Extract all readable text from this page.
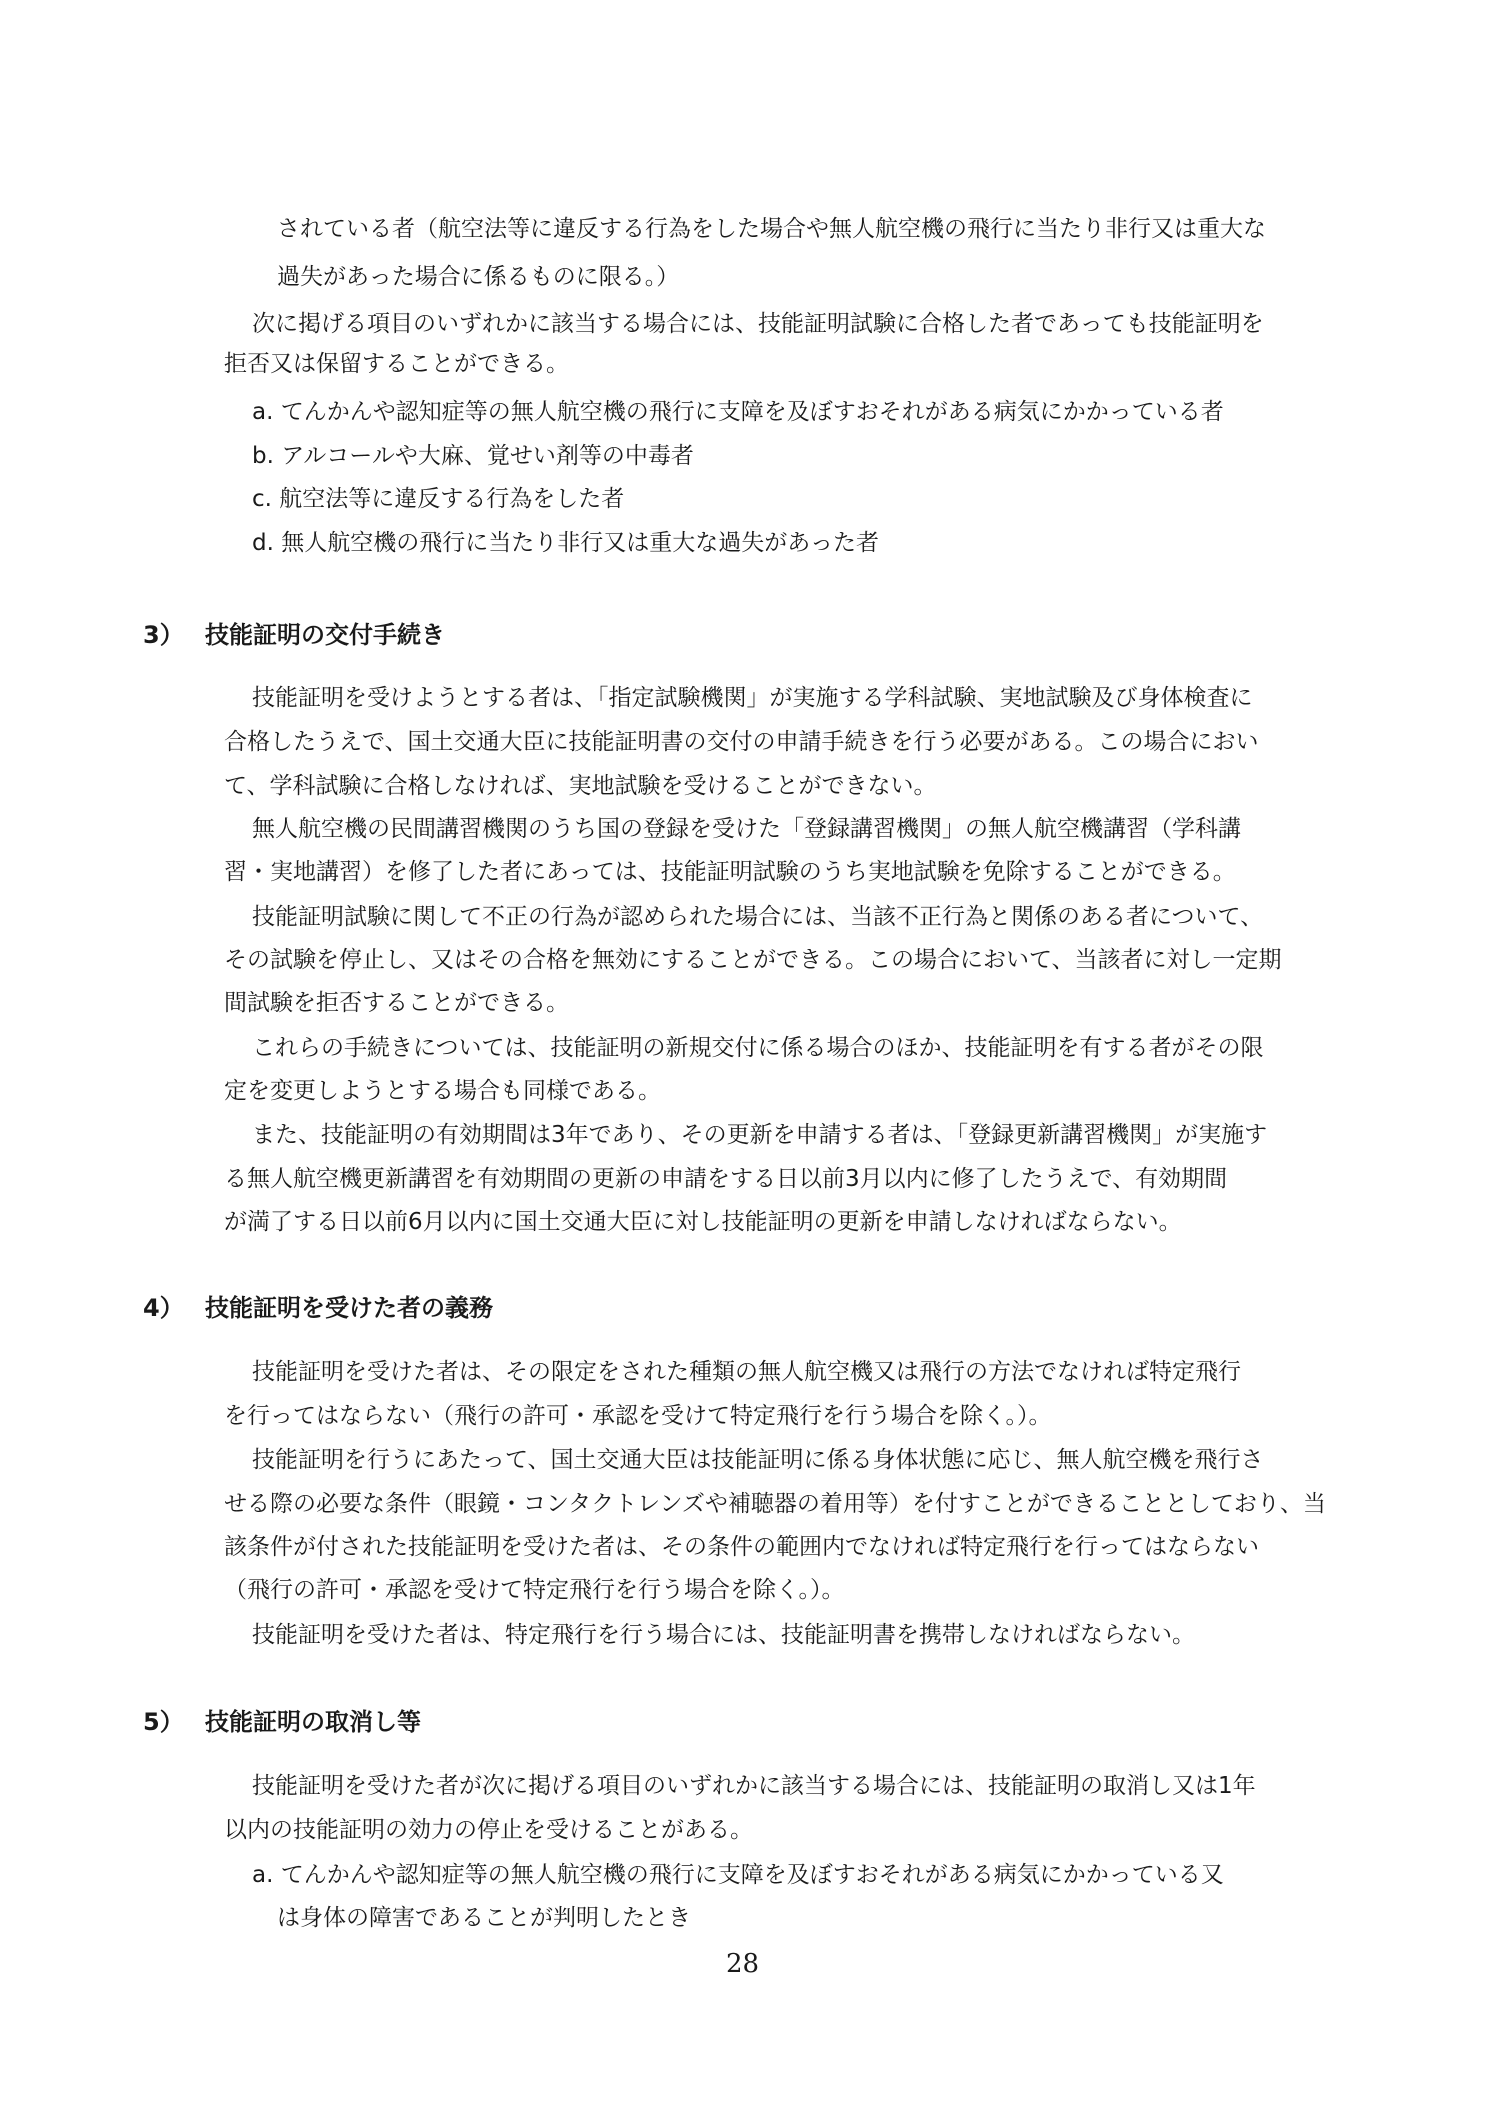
されている者（航空法等に違反する行為をした場合や無人航空機の飛行に当たり非行又は重大な
過失があった場合に係るものに限る。）
次に掲げる項目のいずれかに該当する場合には、技能証明試験に合格した者であっても技能証明を
拒否又は保留することができる。
a. てんかんや認知症等の無人航空機の飛行に支障を及ぼすおそれがある病気にかかっている者
b. アルコールや大麻、覚せい剤等の中毒者
c. 航空法等に違反する行為をした者
d. 無人航空機の飛行に当たり非行又は重大な過失があった者
3） 技能証明の交付手続き
技能証明を受けようとする者は、「指定試験機関」が実施する学科試験、実地試験及び身体検査に
合格したうえで、国土交通大臣に技能証明書の交付の申請手続きを行う必要がある。この場合におい
て、学科試験に合格しなければ、実地試験を受けることができない。
無人航空機の民間講習機関のうち国の登録を受けた「登録講習機関」の無人航空機講習（学科講
習・実地講習）を修了した者にあっては、技能証明試験のうち実地試験を免除することができる。
技能証明試験に関して不正の行為が認められた場合には、当該不正行為と関係のある者について、
その試験を停止し、又はその合格を無効にすることができる。この場合において、当該者に対し一定期
間試験を拒否することができる。
これらの手続きについては、技能証明の新規交付に係る場合のほか、技能証明を有する者がその限
定を変更しようとする場合も同様である。
また、技能証明の有効期間は3年であり、その更新を申請する者は、「登録更新講習機関」が実施す
る無人航空機更新講習を有効期間の更新の申請をする日以前3月以内に修了したうえで、有効期間
が満了する日以前6月以内に国土交通大臣に対し技能証明の更新を申請しなければならない。
4） 技能証明を受けた者の義務
技能証明を受けた者は、その限定をされた種類の無人航空機又は飛行の方法でなければ特定飛行
を行ってはならない（飛行の許可・承認を受けて特定飛行を行う場合を除く。）。
技能証明を行うにあたって、国土交通大臣は技能証明に係る身体状態に応じ、無人航空機を飛行さ
せる際の必要な条件（眼鏡・コンタクトレンズや補聴器の着用等）を付すことができることとしており、当
該条件が付された技能証明を受けた者は、その条件の範囲内でなければ特定飛行を行ってはならない
（飛行の許可・承認を受けて特定飛行を行う場合を除く。）。
技能証明を受けた者は、特定飛行を行う場合には、技能証明書を携帯しなければならない。
5） 技能証明の取消し等
技能証明を受けた者が次に掲げる項目のいずれかに該当する場合には、技能証明の取消し又は1年
以内の技能証明の効力の停止を受けることがある。
a. てんかんや認知症等の無人航空機の飛行に支障を及ぼすおそれがある病気にかかっている又
は身体の障害であることが判明したとき
28
